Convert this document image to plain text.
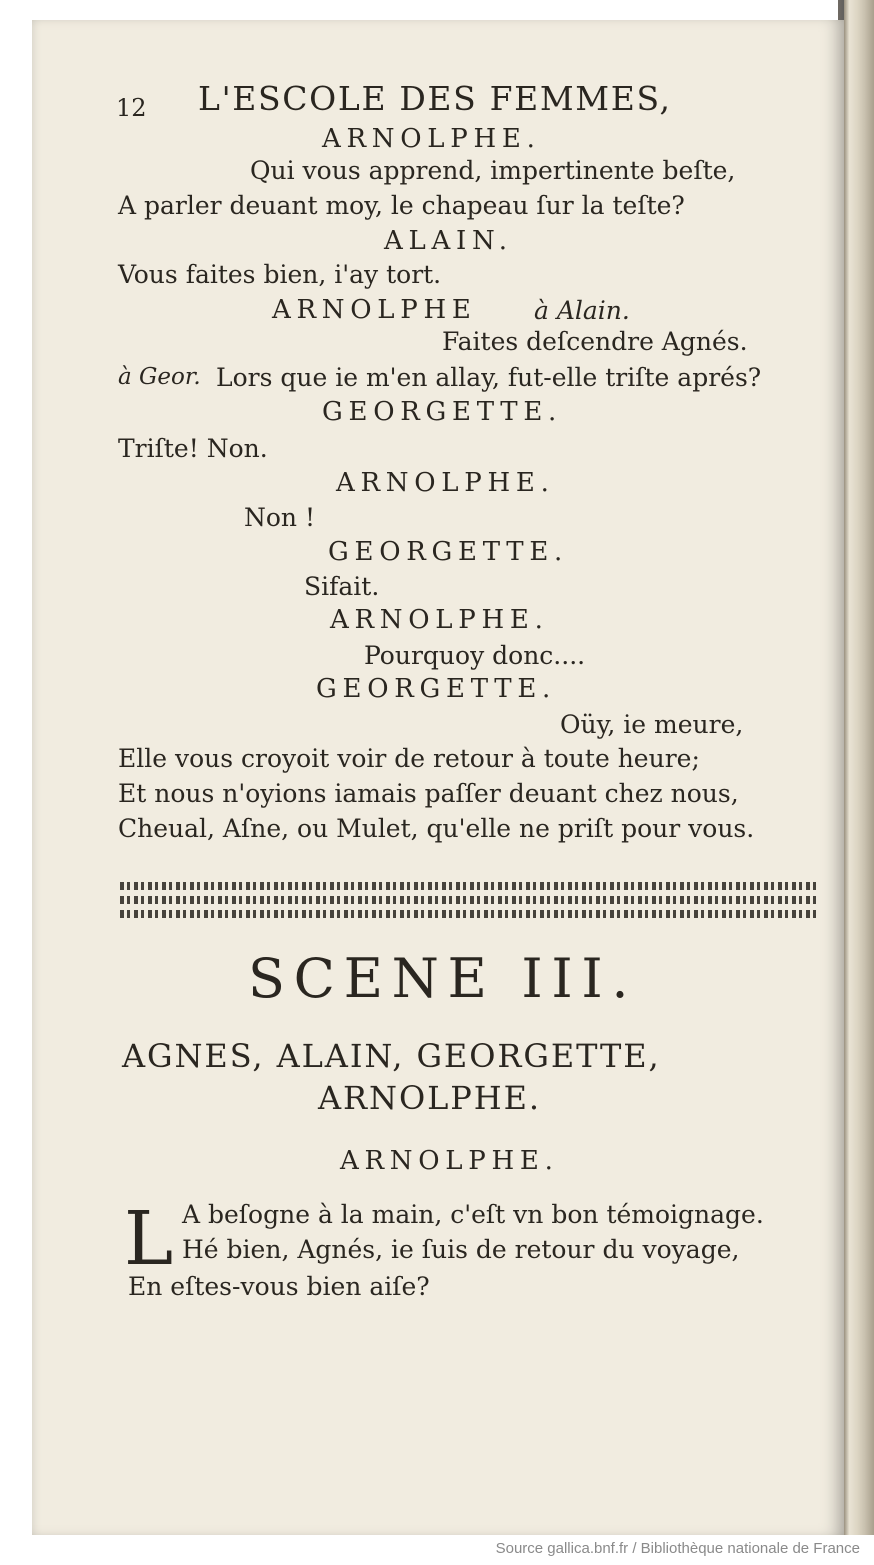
12 L'ESCOLE DES FEMMES,
ARNOLPHE.
Qui vous apprend, impertinente beſte,
A parler deuant moy, le chapeau ſur la teſte?
ALAIN.
Vous faites bien, i'ay tort.
ARNOLPHE à Alain.
Faites deſcendre Agnés.
à Geor. Lors que ie m'en allay, fut-elle triſte aprés?
GEORGETTE.
Triſte! Non.
ARNOLPHE.
Non !
GEORGETTE.
Sifait.
ARNOLPHE.
Pourquoy donc....
GEORGETTE.
Oüy, ie meure,
Elle vous croyoit voir de retour à toute heure;
Et nous n'oyions iamais paſſer deuant chez nous,
Cheual, Aſne, ou Mulet, qu'elle ne priſt pour vous.
SCENE III.
AGNES, ALAIN, GEORGETTE,
ARNOLPHE.
ARNOLPHE.
L A beſogne à la main, c'eſt vn bon témoignage.
Hé bien, Agnés, ie ſuis de retour du voyage,
En eſtes-vous bien aiſe?
Source gallica.bnf.fr / Bibliothèque nationale de France
